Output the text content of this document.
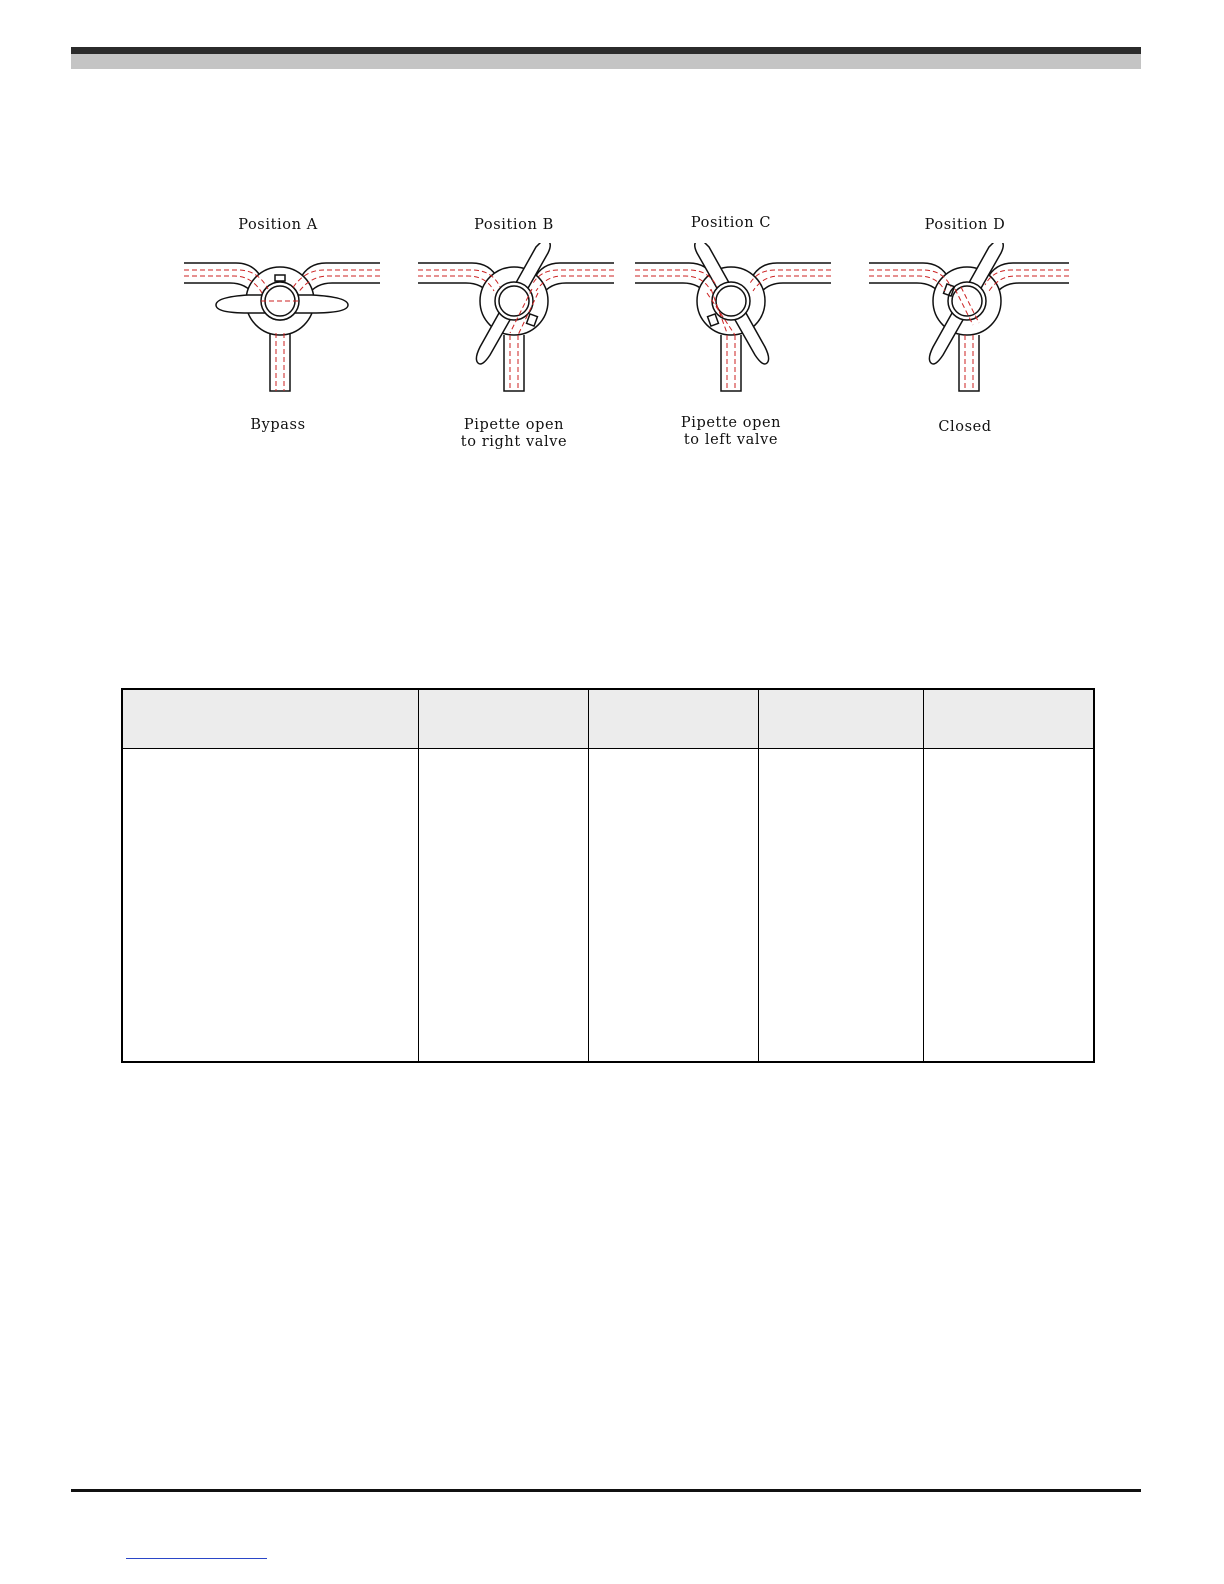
Position A
Bypass
Position B
Pipette open
to right valve
Position C
Pipette open
to left valve
Position D
Closed
